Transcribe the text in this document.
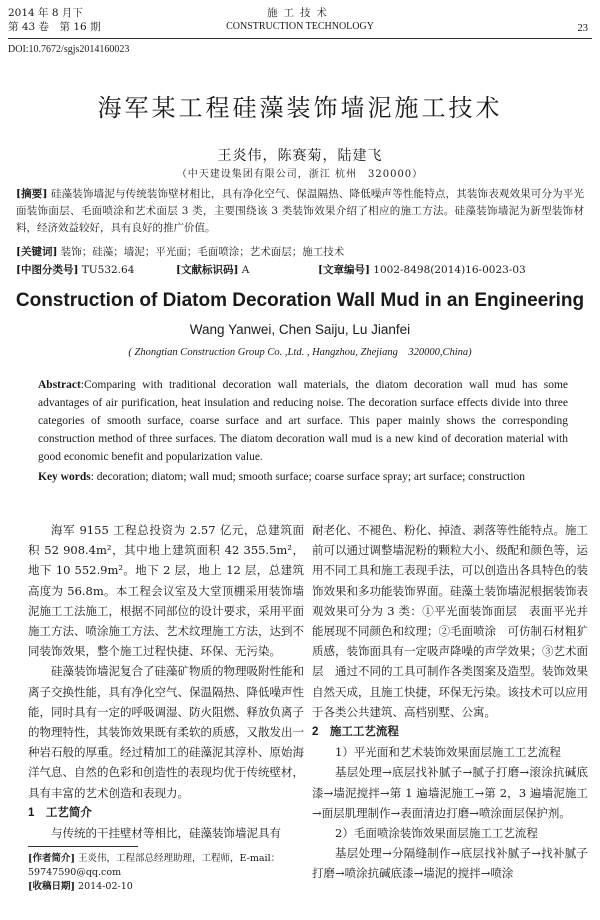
2014 年 8 月下
第 43 卷　第 16 期
施工技术
CONSTRUCTION TECHNOLOGY	23
DOI:10.7672/sgjs2014160023
海军某工程硅藻装饰墙泥施工技术
王炎伟，陈赛菊，陆建飞
（中天建设集团有限公司，浙江 杭州　320000）
[摘要] 硅藻装饰墙泥与传统装饰壁材相比，具有净化空气、保温隔热、降低噪声等性能特点，其装饰表观效果可分为平光面装饰面层、毛面喷涂和艺术面层 3 类，主要围绕该 3 类装饰效果介绍了相应的施工方法。硅藻装饰墙泥为新型装饰材料，经济效益较好，具有良好的推广价值。
[关键词] 装饰；硅藻；墙泥；平光面；毛面喷涂；艺术面层；施工技术
[中图分类号] TU532.64	[文献标识码] A	[文章编号] 1002-8498(2014)16-0023-03
Construction of Diatom Decoration Wall Mud in an Engineering
Wang Yanwei, Chen Saiju, Lu Jianfei
( Zhongtian Construction Group Co. ,Ltd. , Hangzhou, Zhejiang　320000,China)
Abstract:Comparing with traditional decoration wall materials, the diatom decoration wall mud has some advantages of air purification, heat insulation and reducing noise. The decoration surface effects divide into three categories of smooth surface, coarse surface and art surface. This paper mainly shows the corresponding construction method of three surfaces. The diatom decoration wall mud is a new kind of decoration material with good economic benefit and popularization value.
Key words: decoration; diatom; wall mud; smooth surface; coarse surface spray; art surface; construction

海军 9155 工程总投资为 2.57 亿元，总建筑面积 52 908.4m²，其中地上建筑面积 42 355.5m²，地下 10 552.9m²。地下 2 层，地上 12 层，总建筑高度为 56.8m。本工程会议室及大堂顶棚采用装饰墙泥施工工法施工，根据不同部位的设计要求，采用平面施工方法、喷涂施工方法、艺术纹理施工方法，达到不同装饰效果，整个施工过程快捷、环保、无污染。

硅藻装饰墙泥复合了硅藻矿物质的物理吸附性能和离子交换性能，具有净化空气、保温隔热、降低噪声性能，同时具有一定的呼吸调湿、防火阻燃、释放负离子的物理特性，其装饰效果既有柔软的质感，又散发出一种岩石般的厚重。经过精加工的硅藻泥其淳朴、原始海洋气息、自然的色彩和创造性的表现均优于传统壁材，具有丰富的艺术创造和表现力。

1　工艺简介

与传统的干挂壁材等相比，硅藻装饰墙泥具有

耐老化、不褪色、粉化、掉渣、剥落等性能特点。施工前可以通过调整墙泥粉的颗粒大小、级配和颜色等，运用不同工具和施工表现手法，可以创造出各具特色的装饰效果和多功能装饰界面。硅藻土装饰墙泥根据装饰表观效果可分为 3 类：①平光面装饰面层　表面平光并能展现不同颜色和纹理；②毛面喷涂　可仿制石材粗犷质感，装饰面具有一定吸声降噪的声学效果；③艺术面层　通过不同的工具可制作各类图案及造型。装饰效果自然天成，且施工快捷，环保无污染。该技术可以应用于各类公共建筑、高档别墅、公寓。

2　施工工艺流程

1）平光面和艺术装饰效果面层施工工艺流程

基层处理→底层找补腻子→腻子打磨→滚涂抗碱底漆→墙泥搅拌→第 1 遍墙泥施工→第 2，3 遍墙泥施工→面层肌理制作→表面清边打磨→喷涂面层保护剂。

2）毛面喷涂装饰效果面层施工工艺流程

基层处理→分隔缝制作→底层找补腻子→找补腻子打磨→喷涂抗碱底漆→墙泥的搅拌→喷涂

[作者简介] 王炎伟，工程部总经理助理，工程师，E-mail：59747590@qq.com

[收稿日期] 2014-02-10
